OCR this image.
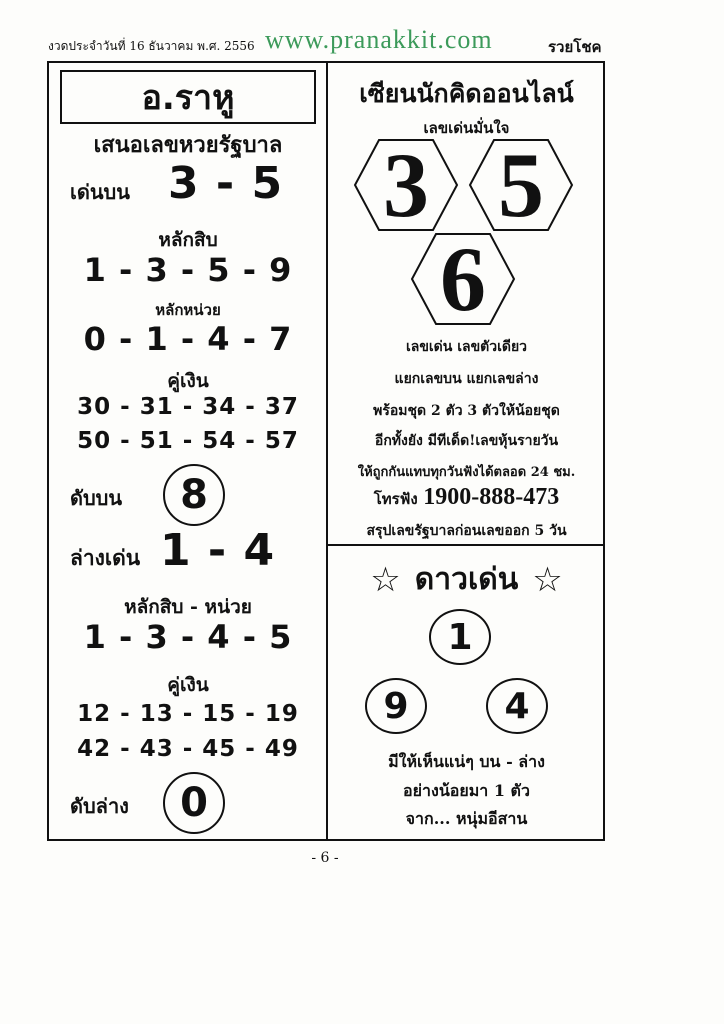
งวดประจำวันที่ 16 ธันวาคม พ.ศ. 2556 www.pranakkit.com	รวยโชค
อ.ราหู
เสนอเลขหวยรัฐบาล
เด่นบน 3 - 5
หลักสิบ
1 - 3 - 5 - 9
หลักหน่วย
0 - 1 - 4 - 7
คู่เงิน
30 - 31 - 34 - 37
50 - 51 - 54 - 57
ดับบน 8
ล่างเด่น 1 - 4
หลักสิบ - หน่วย
1 - 3 - 4 - 5
คู่เงิน
12 - 13 - 15 - 19
42 - 43 - 45 - 49
ดับล่าง 0
เซียนนักคิดออนไลน์
เลขเด่นมั่นใจ
3 5
6
เลขเด่น เลขตัวเดียว
แยกเลขบน แยกเลขล่าง
พร้อมชุด 2 ตัว 3 ตัวให้น้อยชุด
อีกทั้งยัง มีทีเด็ด!เลขหุ้นรายวัน
ให้ถูกกันแทบทุกวันฟังได้ตลอด 24 ชม.
โทรฟัง 1900-888-473
สรุปเลขรัฐบาลก่อนเลขออก 5 วัน
☆ ดาวเด่น ☆
1
9	4
มีให้เห็นแน่ๆ บน - ล่าง
อย่างน้อยมา 1 ตัว
จาก... หนุ่มอีสาน
- 6 -
